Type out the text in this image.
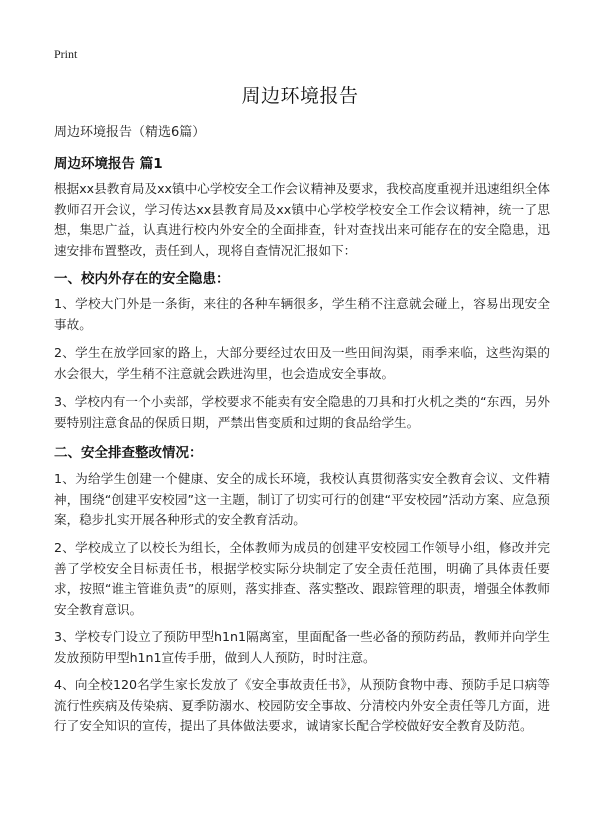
Print
周边环境报告
周边环境报告（精选6篇）
周边环境报告 篇1
根据xx县教育局及xx镇中心学校安全工作会议精神及要求，我校高度重视并迅速组织全体教师召开会议，学习传达xx县教育局及xx镇中心学校学校安全工作会议精神，统一了思想，集思广益，认真进行校内外安全的全面排查，针对查找出来可能存在的安全隐患，迅速安排布置整改，责任到人，现将自查情况汇报如下：
一、校内外存在的安全隐患：
1、学校大门外是一条街，来往的各种车辆很多，学生稍不注意就会碰上，容易出现安全事故。
2、学生在放学回家的路上，大部分要经过农田及一些田间沟渠，雨季来临，这些沟渠的水会很大，学生稍不注意就会跌进沟里，也会造成安全事故。
3、学校内有一个小卖部，学校要求不能卖有安全隐患的刀具和打火机之类的“东西，另外要特别注意食品的保质日期，严禁出售变质和过期的食品给学生。
二、安全排查整改情况：
1、为给学生创建一个健康、安全的成长环境，我校认真贯彻落实安全教育会议、文件精神，围绕“创建平安校园”这一主题，制订了切实可行的创建“平安校园”活动方案、应急预案，稳步扎实开展各种形式的安全教育活动。
2、学校成立了以校长为组长，全体教师为成员的创建平安校园工作领导小组，修改并完善了学校安全目标责任书，根据学校实际分块制定了安全责任范围，明确了具体责任要求，按照“谁主管谁负责”的原则，落实排查、落实整改、跟踪管理的职责，增强全体教师安全教育意识。
3、学校专门设立了预防甲型h1n1隔离室，里面配备一些必备的预防药品，教师并向学生发放预防甲型h1n1宣传手册，做到人人预防，时时注意。
4、向全校120名学生家长发放了《安全事故责任书》，从预防食物中毒、预防手足口病等流行性疾病及传染病、夏季防溺水、校园防安全事故、分清校内外安全责任等几方面，进行了安全知识的宣传，提出了具体做法要求，诚请家长配合学校做好安全教育及防范。
